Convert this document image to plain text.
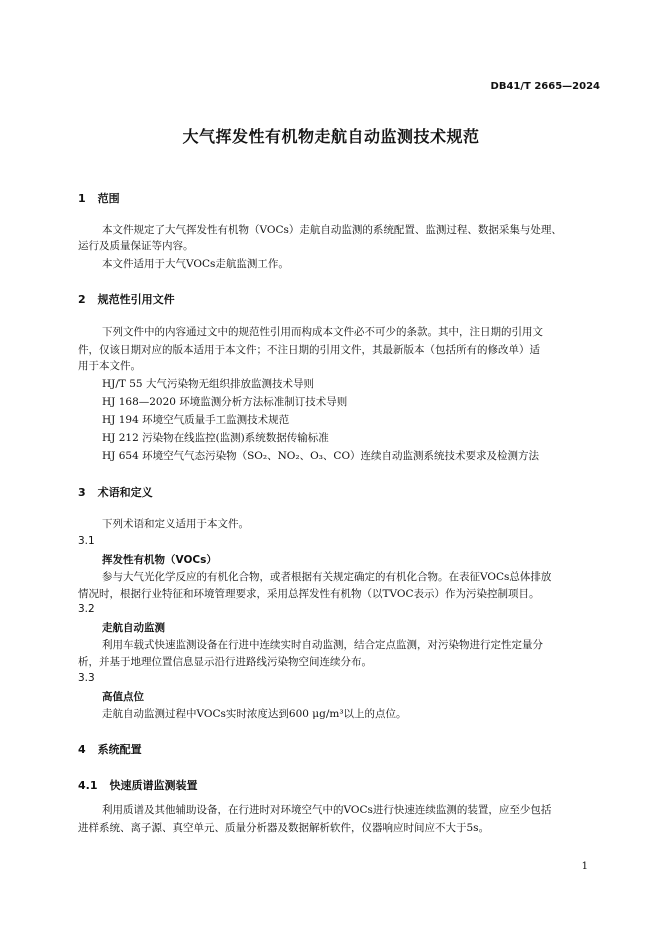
DB41/T 2665—2024
大气挥发性有机物走航自动监测技术规范
1 范围
本文件规定了大气挥发性有机物（VOCs）走航自动监测的系统配置、监测过程、数据采集与处理、
运行及质量保证等内容。
本文件适用于大气VOCs走航监测工作。
2 规范性引用文件
下列文件中的内容通过文中的规范性引用而构成本文件必不可少的条款。其中，注日期的引用文
件，仅该日期对应的版本适用于本文件；不注日期的引用文件，其最新版本（包括所有的修改单）适
用于本文件。
HJ/T 55 大气污染物无组织排放监测技术导则
HJ 168—2020 环境监测分析方法标准制订技术导则
HJ 194 环境空气质量手工监测技术规范
HJ 212 污染物在线监控(监测)系统数据传输标准
HJ 654 环境空气气态污染物（SO₂、NO₂、O₃、CO）连续自动监测系统技术要求及检测方法
3 术语和定义
下列术语和定义适用于本文件。
3.1
挥发性有机物（VOCs）
参与大气光化学反应的有机化合物，或者根据有关规定确定的有机化合物。在表征VOCs总体排放
情况时，根据行业特征和环境管理要求，采用总挥发性有机物（以TVOC表示）作为污染控制项目。
3.2
走航自动监测
利用车载式快速监测设备在行进中连续实时自动监测，结合定点监测，对污染物进行定性定量分
析，并基于地理位置信息显示沿行进路线污染物空间连续分布。
3.3
高值点位
走航自动监测过程中VOCs实时浓度达到600 μg/m³以上的点位。
4 系统配置
4.1 快速质谱监测装置
利用质谱及其他辅助设备，在行进时对环境空气中的VOCs进行快速连续监测的装置，应至少包括
进样系统、离子源、真空单元、质量分析器及数据解析软件，仪器响应时间应不大于5s。
1
